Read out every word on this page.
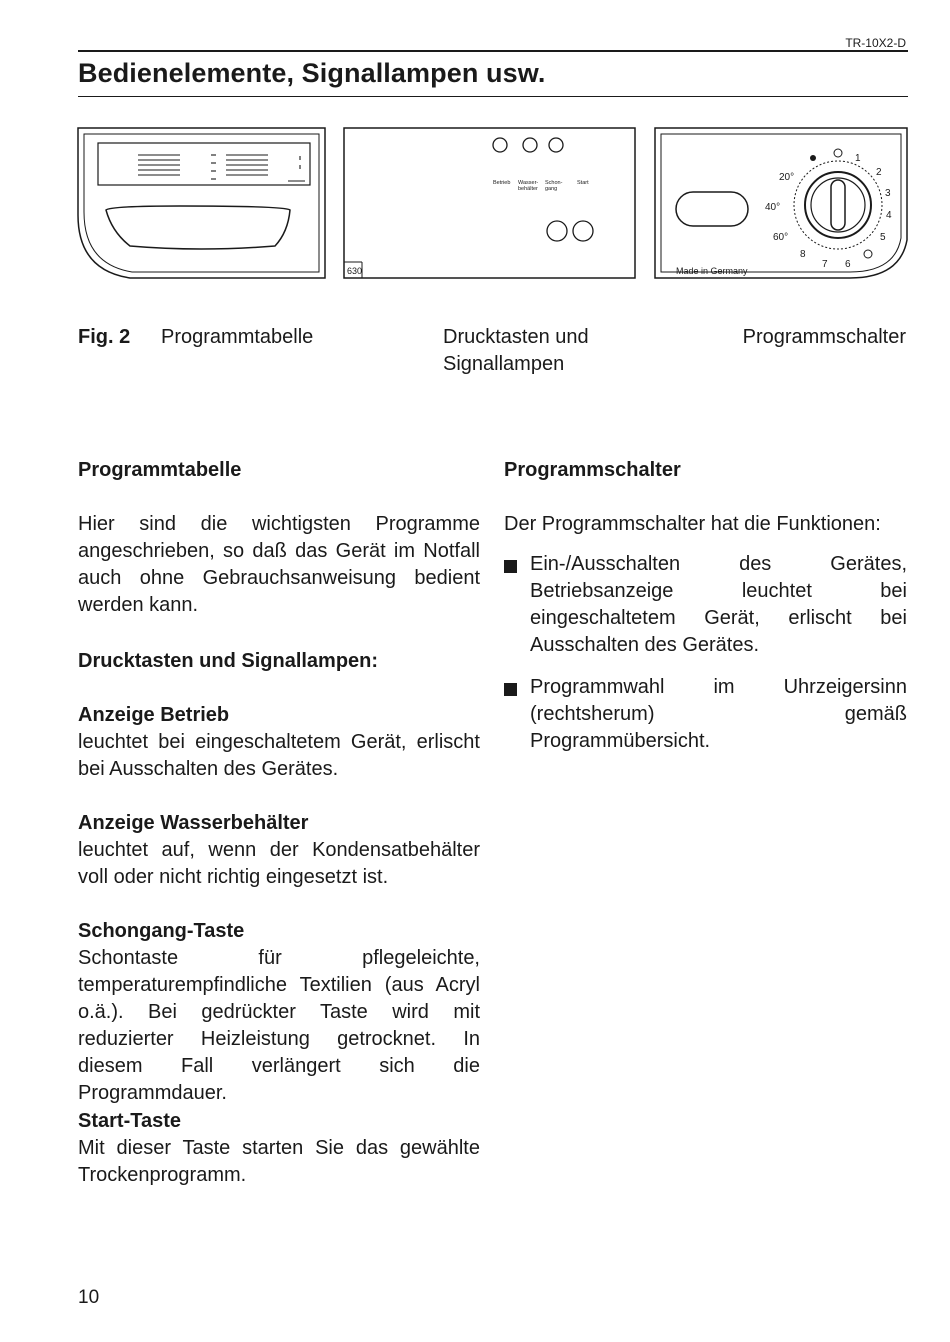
TR-10X2-D
Bedienelemente, Signallampen usw.
Betrieb Wasser-
behälter
Schon-
gang
Start
630
20°
40°
60°
1
2
3
4
5
6
7
8
Made in Germany
Fig. 2 Programmtabelle	Drucktasten und Signallampen
Programmschalter
Programmtabelle
Hier sind die wichtigsten Programme angeschrieben, so daß das Gerät im Notfall auch ohne Gebrauchsanweisung bedient werden kann.
Drucktasten und Signallampen:
Anzeige Betrieb
leuchtet bei eingeschaltetem Gerät, erlischt bei Ausschalten des Gerätes.
Anzeige Wasserbehälter
leuchtet auf, wenn der Kondensatbehälter voll oder nicht richtig eingesetzt ist.
Schongang-Taste
Schontaste für pflegeleichte, temperaturempfindliche Textilien (aus Acryl o.ä.). Bei gedrückter Taste wird mit reduzierter Heizleistung getrocknet. In diesem Fall verlängert sich die Programmdauer.
Start-Taste
Mit dieser Taste starten Sie das gewählte Trockenprogramm.
Programmschalter
Der Programmschalter hat die Funktionen:
Ein-/Ausschalten des Gerätes, Betriebsanzeige leuchtet bei eingeschaltetem Gerät, erlischt bei Ausschalten des Gerätes.
Programmwahl im Uhrzeigersinn (rechtsherum) gemäß Programmübersicht.
10
